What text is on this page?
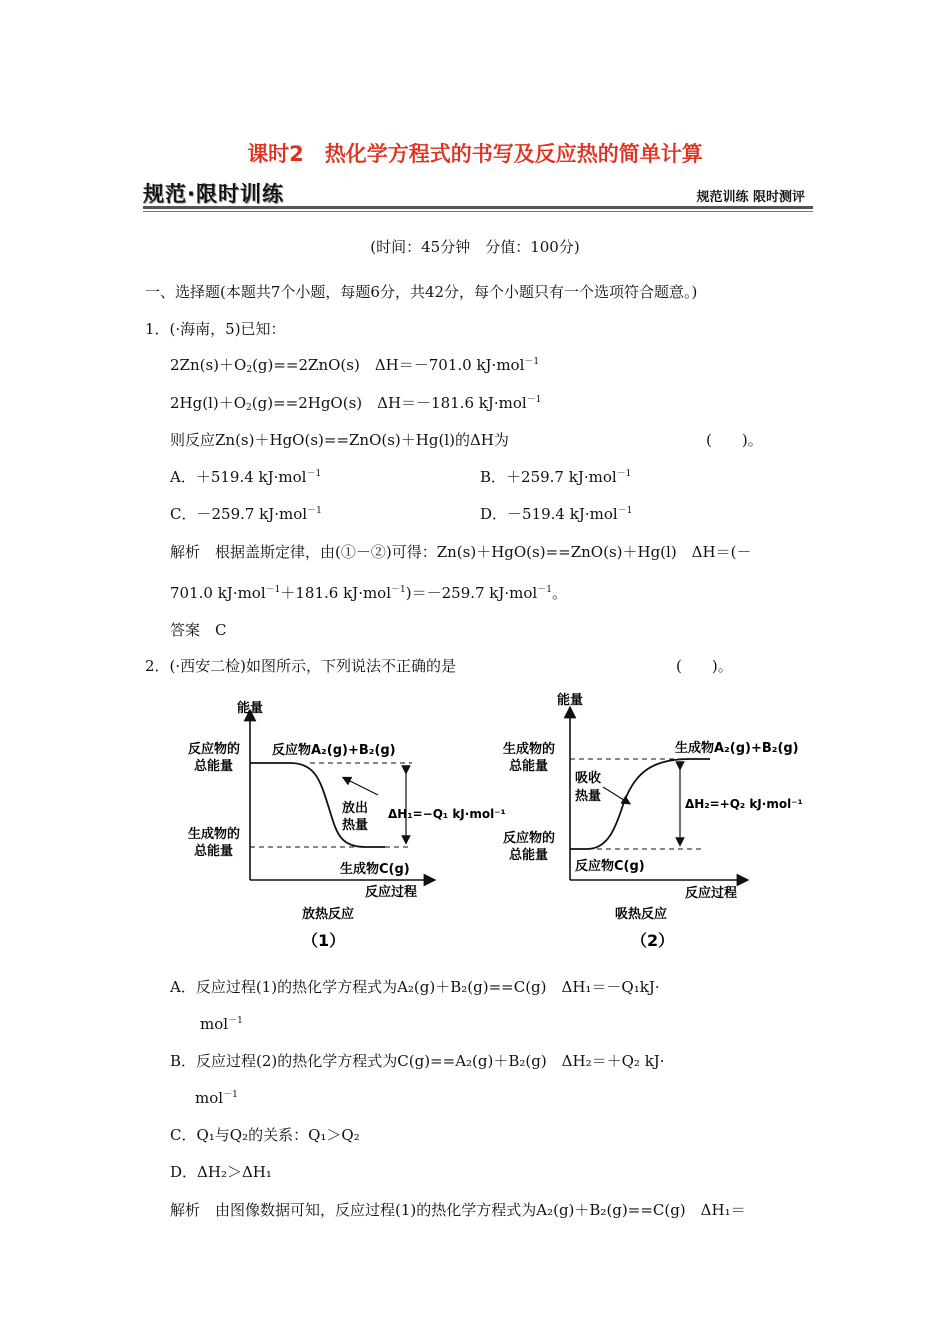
课时2　热化学方程式的书写及反应热的简单计算
规范·限时训练	规范训练 限时测评
(时间：45分钟　分值：100分)
一、选择题(本题共7个小题，每题6分，共42分，每个小题只有一个选项符合题意。)
1．(·海南，5)已知：
$2Zn(s)+O_2(g)==2ZnO(s)$　ΔH＝－701.0 kJ·mol$^{-1}$
$2Hg(l)+O_2(g)==2HgO(s)$　ΔH＝－181.6 kJ·mol$^{-1}$
则反应Zn(s)＋HgO(s)==ZnO(s)＋Hg(l)的ΔH为	(　　)。
A．＋519.4 kJ·mol$^{-1}$	B．＋259.7 kJ·mol$^{-1}$
C．－259.7 kJ·mol$^{-1}$	D．－519.4 kJ·mol$^{-1}$
解析　根据盖斯定律，由(①－②)可得：Zn(s)＋HgO(s)==ZnO(s)＋Hg(l)　ΔH＝(－
701.0 kJ·mol$^{-1}$＋181.6 kJ·mol$^{-1}$)＝－259.7 kJ·mol$^{-1}$。
答案　C
2．(·西安二检)如图所示，下列说法不正确的是	(　　)。
能量
反应物的
总能量
生成物的
总能量
反应物A₂(g)+B₂(g)
放出
热量
ΔH₁=−Q₁ kJ·mol⁻¹
生成物C(g)
反应过程
放热反应
（1）
能量
生成物的
总能量
反应物的
总能量
生成物A₂(g)+B₂(g)
吸收
热量	ΔH₂=+Q₂ kJ·mol⁻¹
反应物C(g)
反应过程
吸热反应
（2）
A．反应过程(1)的热化学方程式为A₂(g)＋B₂(g)==C(g)　ΔH₁＝－Q₁kJ·
mol$^{-1}$
B．反应过程(2)的热化学方程式为C(g)==A₂(g)＋B₂(g)　ΔH₂＝＋Q₂ kJ·
mol$^{-1}$
C．Q₁与Q₂的关系：Q₁＞Q₂
D．ΔH₂＞ΔH₁
解析　由图像数据可知，反应过程(1)的热化学方程式为A₂(g)＋B₂(g)==C(g)　ΔH₁＝
